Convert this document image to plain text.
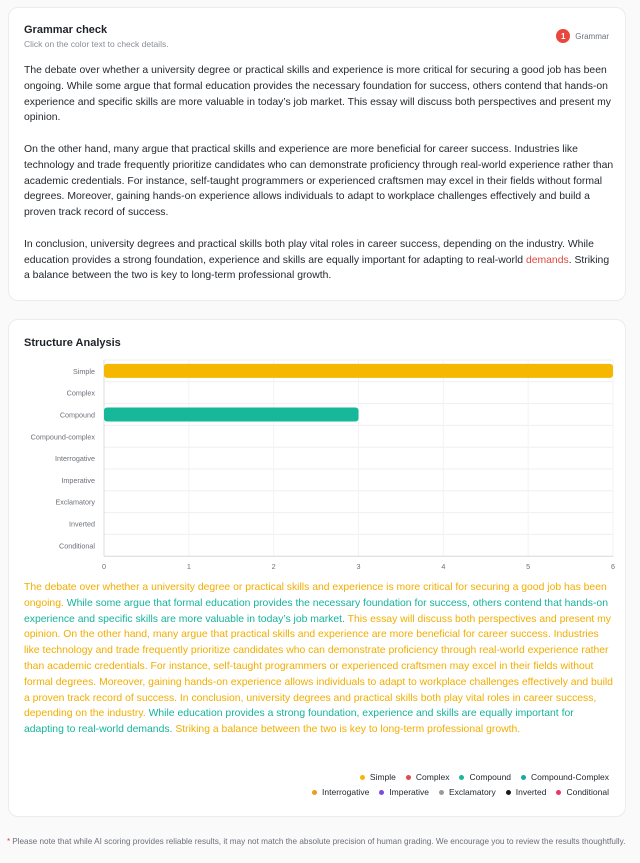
Grammar check
Click on the color text to check details.
1	Grammar

The debate over whether a university degree or practical skills and experience is more critical for securing a good job has been ongoing. While some argue that formal education provides the necessary foundation for success, others contend that hands-on experience and specific skills are more valuable in today’s job market. This essay will discuss both perspectives and present my opinion.

On the other hand, many argue that practical skills and experience are more beneficial for career success. Industries like technology and trade frequently prioritize candidates who can demonstrate proficiency through real-world experience rather than academic credentials. For instance, self-taught programmers or experienced craftsmen may excel in their fields without formal degrees. Moreover, gaining hands-on experience allows individuals to adapt to workplace challenges effectively and build a proven track record of success.

In conclusion, university degrees and practical skills both play vital roles in career success, depending on the industry. While education provides a strong foundation, experience and skills are equally important for adapting to real-world demands. Striking a balance between the two is key to long-term professional growth.

Structure Analysis
Simple
Complex
Compound
Compound-complex
Interrogative
Imperative
Exclamatory
Inverted
Conditional
0	1	2	3	4	5	6
The debate over whether a university degree or practical skills and experience is more critical for securing a good job has been ongoing. While some argue that formal education provides the necessary foundation for success, others contend that hands-on experience and specific skills are more valuable in today’s job market. This essay will discuss both perspectives and present my opinion. On the other hand, many argue that practical skills and experience are more beneficial for career success. Industries like technology and trade frequently prioritize candidates who can demonstrate proficiency through real-world experience rather than academic credentials. For instance, self-taught programmers or experienced craftsmen may excel in their fields without formal degrees. Moreover, gaining hands-on experience allows individuals to adapt to workplace challenges effectively and build a proven track record of success. In conclusion, university degrees and practical skills both play vital roles in career success, depending on the industry. While education provides a strong foundation, experience and skills are equally important for adapting to real-world demands. Striking a balance between the two is key to long-term professional growth.
Simple Complex Compound Compound-Complex
Interrogative Imperative Exclamatory Inverted Conditional
* Please note that while AI scoring provides reliable results, it may not match the absolute precision of human grading. We encourage you to review the results thoughtfully.
